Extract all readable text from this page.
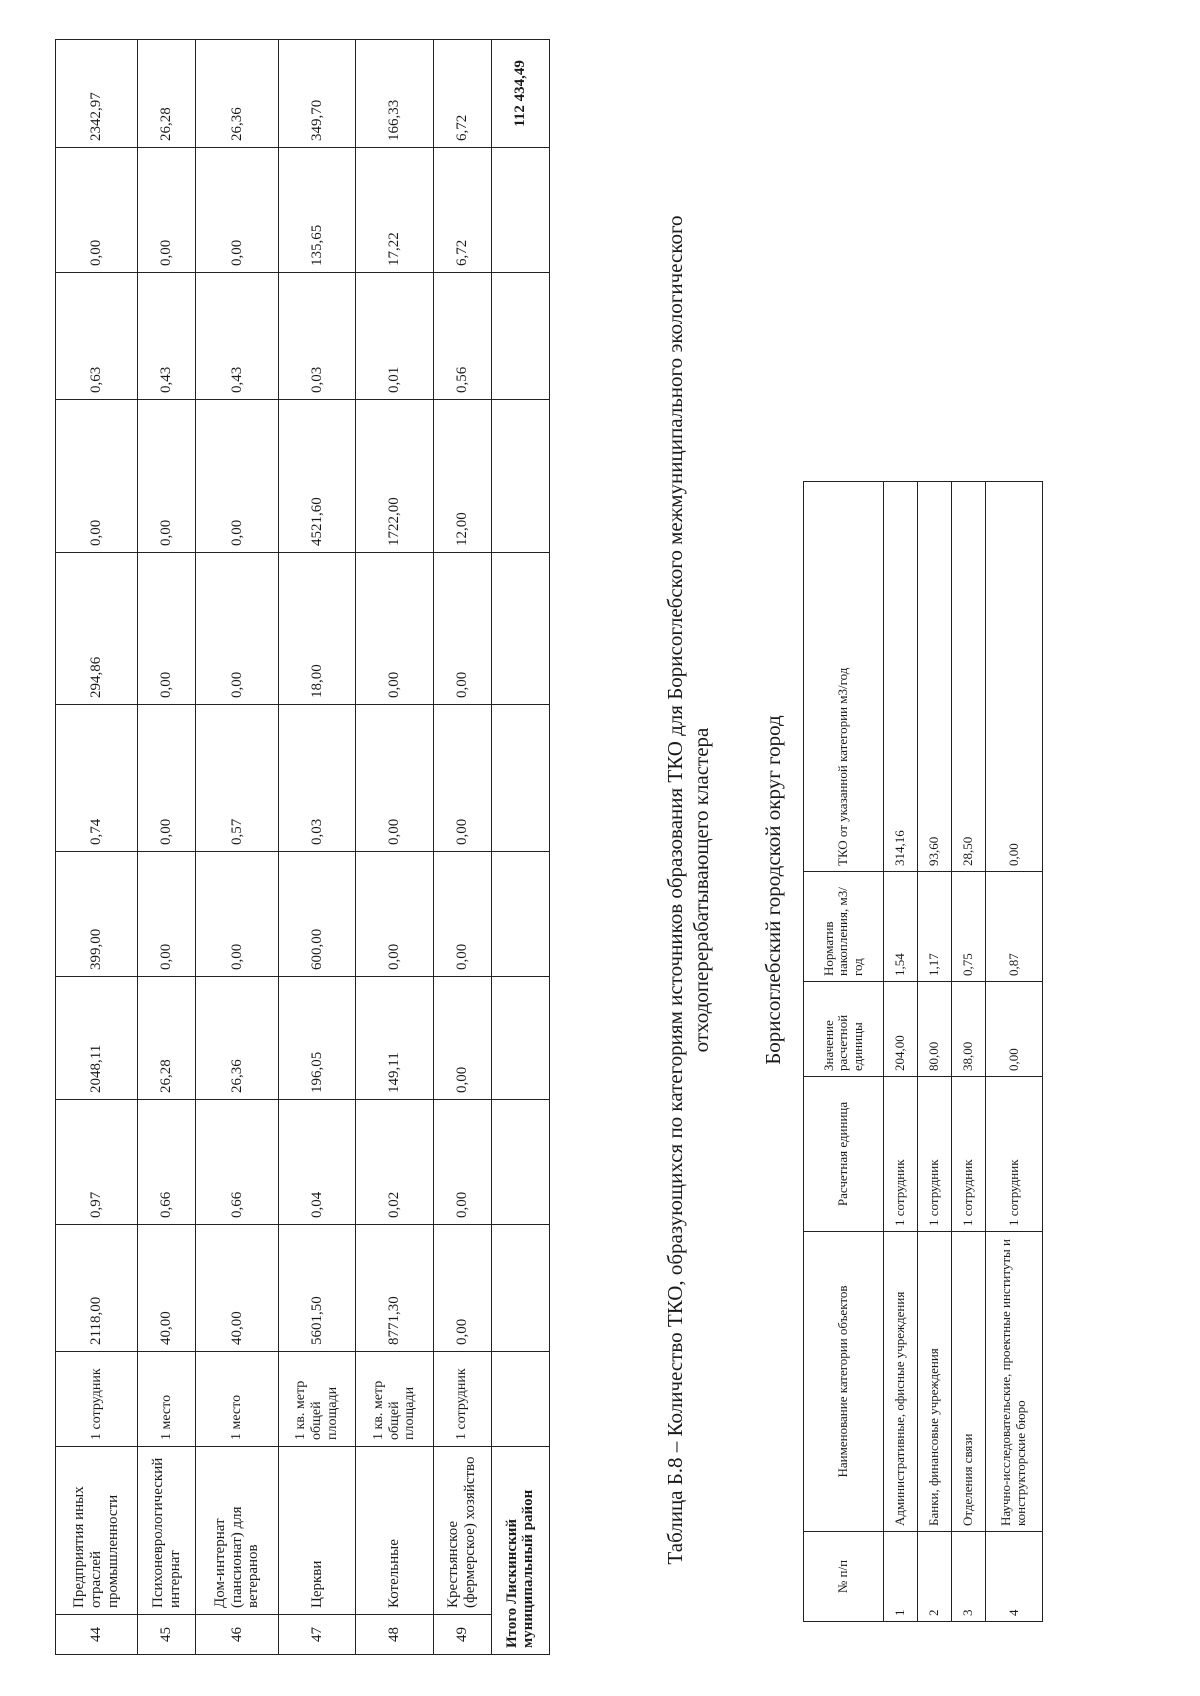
44	Предприятия иных отраслей промышленности	1 сотрудник	2118,00	0,97	2048,11	399,00	0,74	294,86	0,00	0,63	0,00	2342,97
45	Психоневрологический интернат	1 место	40,00	0,66	26,28	0,00	0,00	0,00	0,00	0,43	0,00	26,28
46	Дом-интернат (пансионат) для ветеранов	1 место	40,00	0,66	26,36	0,00	0,57	0,00	0,00	0,43	0,00	26,36
47	Церкви	1 кв. метр общей площади	5601,50	0,04	196,05	600,00	0,03	18,00	4521,60	0,03	135,65	349,70
48	Котельные	1 кв. метр общей площади	8771,30	0,02	149,11	0,00	0,00	0,00	1722,00	0,01	17,22	166,33
49	Крестьянское (фермерское) хозяйство	1 сотрудник	0,00	0,00	0,00	0,00	0,00	0,00	12,00	0,56	6,72	6,72
Итого Лискинский муниципальный район												112 434,49

Таблица Б.8 – Количество ТКО, образующихся по категориям источников образования ТКО для Борисоглебского межмуниципального экологического отходоперерабатывающего кластера Борисоглебский городской округ город

№ п/п	Наименование категории объектов	Расчетная единица	Значение расчетной единицы	Норматив накопления, м3/год	ТКО от указанной категории м3/год
1	Административные, офисные учреждения	1 сотрудник	204,00	1,54	314,16
2	Банки, финансовые учреждения	1 сотрудник	80,00	1,17	93,60
3	Отделения связи	1 сотрудник	38,00	0,75	28,50
4	Научно-исследовательские, проектные институты и конструкторские бюро	1 сотрудник	0,00	0,87	0,00
